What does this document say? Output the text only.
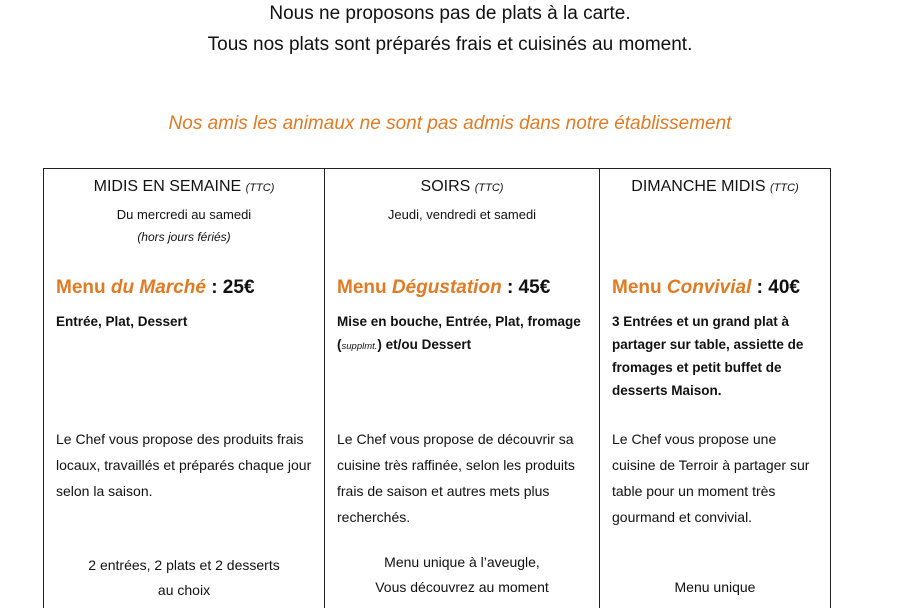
Nous ne proposons pas de plats à la carte.
Tous nos plats sont préparés frais et cuisinés au moment.
Nos amis les animaux ne sont pas admis dans notre établissement
MIDIS EN SEMAINE (TTC)
Du mercredi au samedi
(hors jours fériés)
Menu du Marché : 25€
Entrée, Plat, Dessert
Le Chef vous propose des produits frais locaux, travaillés et préparés chaque jour selon la saison.
2 entrées, 2 plats et 2 desserts
au choix
SOIRS (TTC)
Jeudi, vendredi et samedi
Menu Dégustation : 45€
Mise en bouche, Entrée, Plat, fromage (supplmt.) et/ou Dessert
Le Chef vous propose de découvrir sa cuisine très raffinée, selon les produits frais de saison et autres mets plus recherchés.
Menu unique à l’aveugle,
Vous découvrez au moment
DIMANCHE MIDIS (TTC)
Menu Convivial : 40€
3 Entrées et un grand plat à partager sur table, assiette de fromages et petit buffet de desserts Maison.
Le Chef vous propose une cuisine de Terroir à partager sur table pour un moment très gourmand et convivial.
Menu unique
